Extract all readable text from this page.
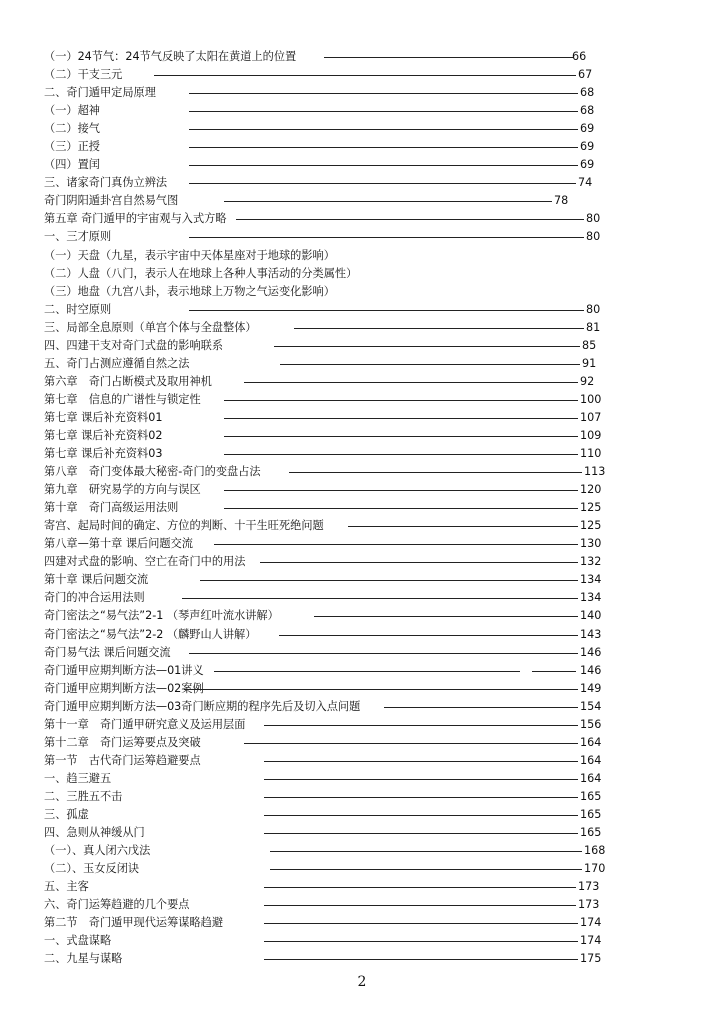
（一）24节气：24节气反映了太阳在黄道上的位置	66
（二）干支三元	67
二、奇门遁甲定局原理	68
（一）超神	68
（二）接气	69
（三）正授	69
（四）置闰	69
三、诸家奇门真伪立辨法	74
奇门阴阳遁卦宫自然易气图	78
第五章 奇门遁甲的宇宙观与入式方略	80
一、三才原则	80
（一）天盘（九星，表示宇宙中天体星座对于地球的影响）
（二）人盘（八门，表示人在地球上各种人事活动的分类属性）
（三）地盘（九宫八卦，表示地球上万物之气运变化影响）
二、时空原则	80
三、局部全息原则（单宫个体与全盘整体）	81
四、四建干支对奇门式盘的影响联系	85
五、奇门占测应遵循自然之法	91
第六章　奇门占断模式及取用神机	92
第七章　信息的广谱性与锁定性	100
第七章 课后补充资料01	107
第七章 课后补充资料02	109
第七章 课后补充资料03	110
第八章　奇门变体最大秘密-奇门的变盘占法	113
第九章　研究易学的方向与误区	120
第十章　奇门高级运用法则	125
寄宫、起局时间的确定、方位的判断、十干生旺死绝问题	125
第八章—第十章 课后问题交流	130
四建对式盘的影响、空亡在奇门中的用法	132
第十章 课后问题交流	134
奇门的冲合运用法则	134
奇门密法之“易气法”2-1 （琴声红叶流水讲解）	140
奇门密法之“易气法”2-2 （麟野山人讲解）	143
奇门易气法 课后问题交流	146
奇门遁甲应期判断方法—01讲义	146
奇门遁甲应期判断方法—02案例	149
奇门遁甲应期判断方法—03奇门断应期的程序先后及切入点问题	154
第十一章　奇门遁甲研究意义及运用层面	156
第十二章　奇门运筹要点及突破	164
第一节　古代奇门运筹趋避要点	164
一、趋三避五	164
二、三胜五不击	165
三、孤虚	165
四、急则从神缓从门	165
（一）、真人闭六戊法	168
（二）、玉女反闭诀	170
五、主客	173
六、奇门运筹趋避的几个要点	173
第二节　奇门遁甲现代运筹谋略趋避	174
一、式盘谋略	174
二、九星与谋略	175
2
